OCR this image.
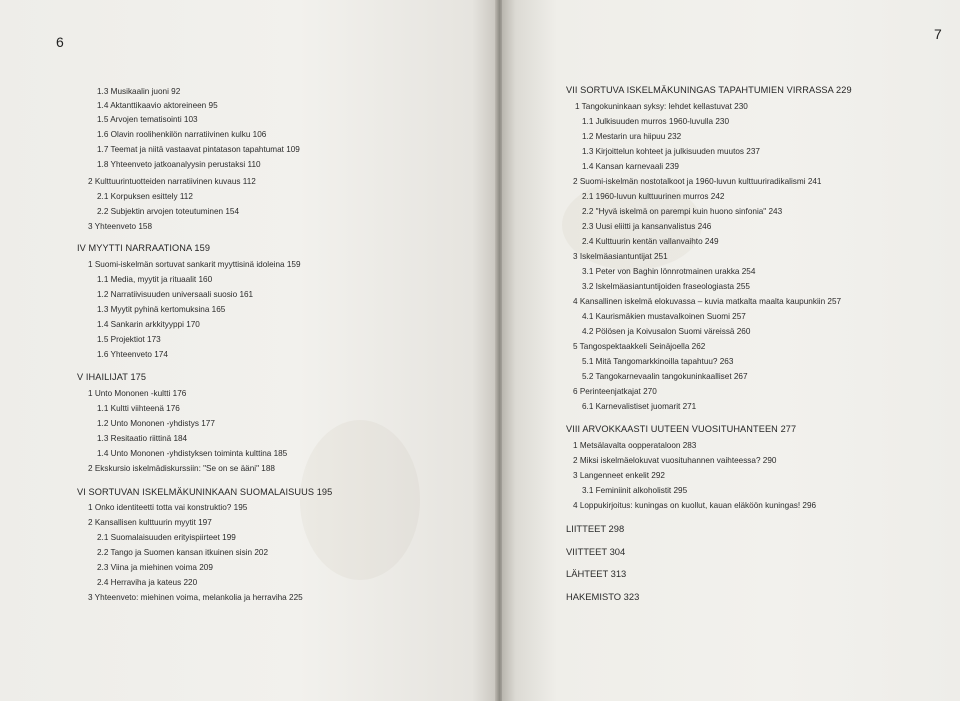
6
1.3 Musikaalin juoni 92
1.4 Aktanttikaavio aktoreineen 95
1.5 Arvojen tematisointi 103
1.6 Olavin roolihenkilön narratiivinen kulku 106
1.7 Teemat ja niitä vastaavat pintatason tapahtumat 109
1.8 Yhteenveto jatkoanalyysin perustaksi 110
2 Kulttuurintuotteiden narratiivinen kuvaus 112
2.1 Korpuksen esittely 112
2.2 Subjektin arvojen toteutuminen 154
3 Yhteenveto 158
IV MYYTTI NARRAATIONA 159
1 Suomi-iskelmän sortuvat sankarit myyttisinä idoleina 159
1.1 Media, myytit ja rituaalit 160
1.2 Narratiivisuuden universaali suosio 161
1.3 Myytit pyhinä kertomuksina 165
1.4 Sankarin arkkityyppi 170
1.5 Projektiot 173
1.6 Yhteenveto 174
V IHAILIJAT 175
1 Unto Mononen -kultti 176
1.1 Kultti viihteenä 176
1.2 Unto Mononen -yhdistys 177
1.3 Resitaatio riittinä 184
1.4 Unto Mononen -yhdistyksen toiminta kulttina 185
2 Ekskursio iskelmädiskurssiin: "Se on se ääni" 188
VI SORTUVAN ISKELMÄKUNINKAAN SUOMALAISUUS 195
1 Onko identiteetti totta vai konstruktio? 195
2 Kansallisen kulttuurin myytit 197
2.1 Suomalaisuuden erityispiirteet 199
2.2 Tango ja Suomen kansan itkuinen sisin 202
2.3 Viina ja miehinen voima 209
2.4 Herraviha ja kateus 220
3 Yhteenveto: miehinen voima, melankolia ja herraviha 225
7
VII SORTUVA ISKELMÄKUNINGAS TAPAHTUMIEN VIRRASSA 229
1 Tangokuninkaan syksy: lehdet kellastuvat 230
1.1 Julkisuuden murros 1960-luvulla 230
1.2 Mestarin ura hiipuu 232
1.3 Kirjoittelun kohteet ja julkisuuden muutos 237
1.4 Kansan karnevaali 239
2 Suomi-iskelmän nostotalkoot ja 1960-luvun kulttuuriradikalismi 241
2.1 1960-luvun kulttuurinen murros 242
2.2 "Hyvä iskelmä on parempi kuin huono sinfonia" 243
2.3 Uusi eliitti ja kansanvalistus 246
2.4 Kulttuurin kentän vallanvaihto 249
3 Iskelmäasiantuntijat 251
3.1 Peter von Baghin lönnrotmainen urakka 254
3.2 Iskelmäasiantuntijoiden fraseologiasta 255
4 Kansallinen iskelmä elokuvassa – kuvia matkalta maalta kaupunkiin 257
4.1 Kaurismäkien mustavalkoinen Suomi 257
4.2 Pölösen ja Koivusalon Suomi väreissä 260
5 Tangospektaakkeli Seinäjoella 262
5.1 Mitä Tangomarkkinoilla tapahtuu? 263
5.2 Tangokarnevaalin tangokuninkaalliset 267
6 Perinteenjatkajat 270
6.1 Karnevalistiset juomarit 271
VIII ARVOKKAASTI UUTEEN VUOSITUHANTEEN 277
1 Metsälavalta oopperataloon 283
2 Miksi iskelmäelokuvat vuosituhannen vaihteessa? 290
3 Langenneet enkelit 292
3.1 Feminiinit alkoholistit 295
4 Loppukirjoitus: kuningas on kuollut, kauan eläköön kuningas! 296
LIITTEET 298
VIITTEET 304
LÄHTEET 313
HAKEMISTO 323
